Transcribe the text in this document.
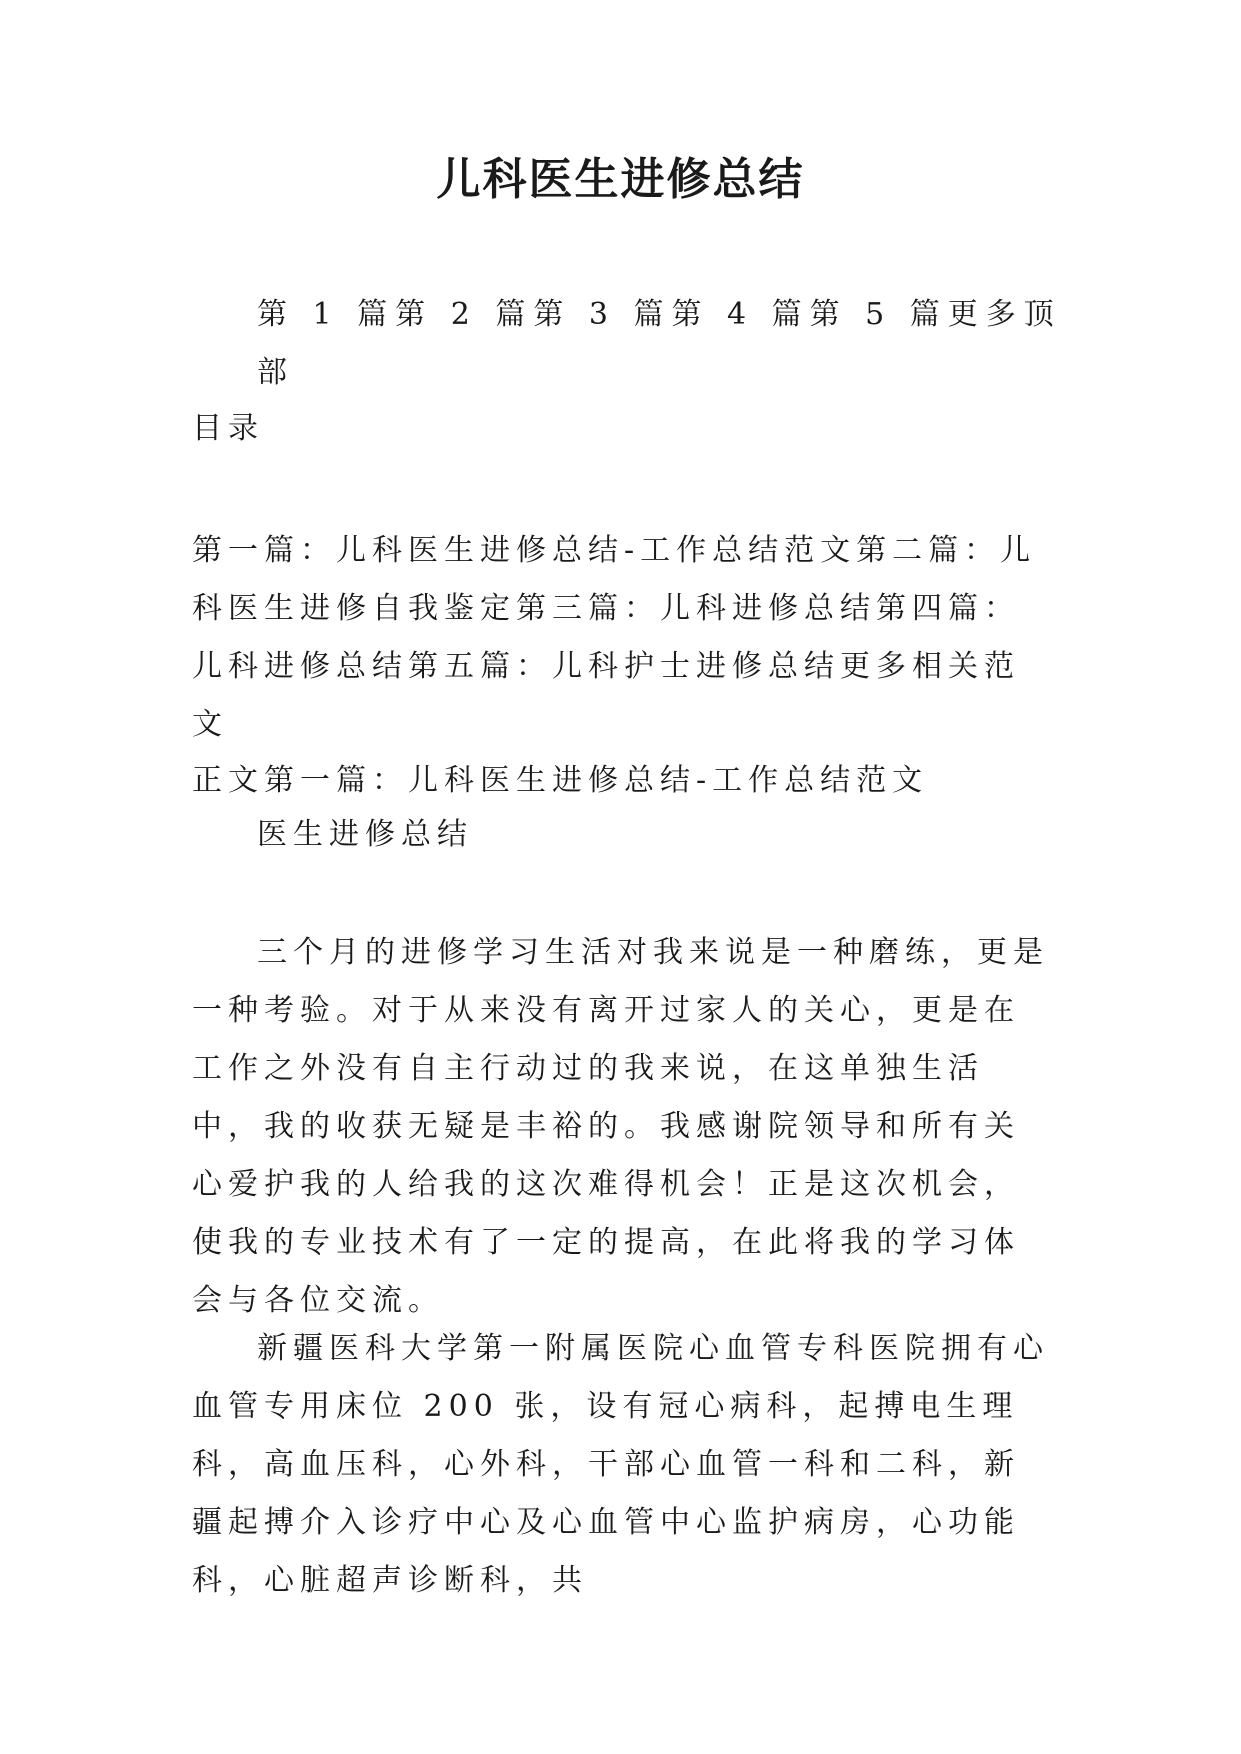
儿科医生进修总结
第 1 篇第 2 篇第 3 篇第 4 篇第 5 篇更多顶部
目录
第一篇：儿科医生进修总结-工作总结范文第二篇：儿科医生进修自我鉴定第三篇：儿科进修总结第四篇：儿科进修总结第五篇：儿科护士进修总结更多相关范文
正文第一篇：儿科医生进修总结-工作总结范文
医生进修总结
三个月的进修学习生活对我来说是一种磨练，更是一种考验。对于从来没有离开过家人的关心，更是在工作之外没有自主行动过的我来说，在这单独生活中，我的收获无疑是丰裕的。我感谢院领导和所有关心爱护我的人给我的这次难得机会！正是这次机会，使我的专业技术有了一定的提高，在此将我的学习体会与各位交流。
新疆医科大学第一附属医院心血管专科医院拥有心血管专用床位 200 张，设有冠心病科，起搏电生理科，高血压科，心外科，干部心血管一科和二科，新疆起搏介入诊疗中心及心血管中心监护病房，心功能科，心脏超声诊断科，共
